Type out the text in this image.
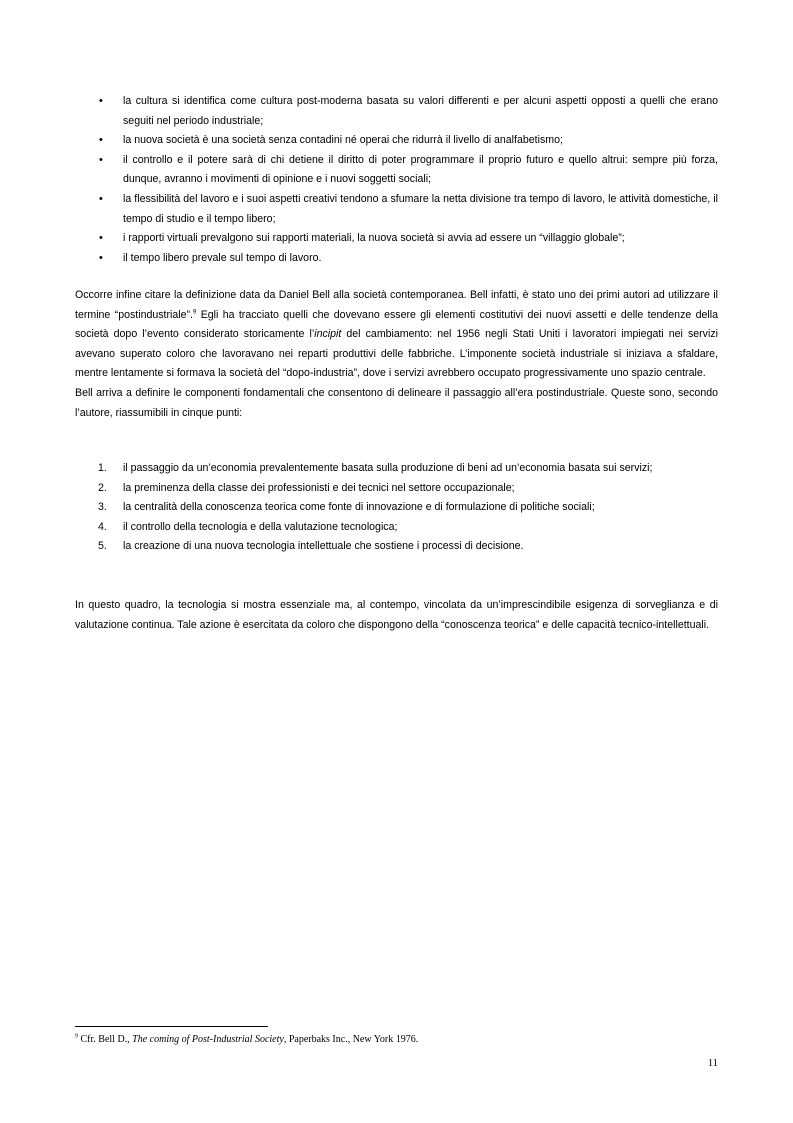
• la cultura si identifica come cultura post-moderna basata su valori differenti e per alcuni aspetti opposti a quelli che erano seguiti nel periodo industriale;
• la nuova società è una società senza contadini né operai che ridurrà il livello di analfabetismo;
• il controllo e il potere sarà di chi detiene il diritto di poter programmare il proprio futuro e quello altrui: sempre più forza, dunque, avranno i movimenti di opinione e i nuovi soggetti sociali;
• la flessibilità del lavoro e i suoi aspetti creativi tendono a sfumare la netta divisione tra tempo di lavoro, le attività domestiche, il tempo di studio e il tempo libero;
• i rapporti virtuali prevalgono sui rapporti materiali, la nuova società si avvia ad essere un “villaggio globale”;
• il tempo libero prevale sul tempo di lavoro.
Occorre infine citare la definizione data da Daniel Bell alla società contemporanea. Bell infatti, è stato uno dei primi autori ad utilizzare il termine “postindustriale”.$^9$ Egli ha tracciato quelli che dovevano essere gli elementi costitutivi dei nuovi assetti e delle tendenze della società dopo l’evento considerato storicamente l’incipit del cambiamento: nel 1956 negli Stati Uniti i lavoratori impiegati nei servizi avevano superato coloro che lavoravano nei reparti produttivi delle fabbriche. L’imponente società industriale si iniziava a sfaldare, mentre lentamente si formava la società del “dopo-industria”, dove i servizi avrebbero occupato progressivamente uno spazio centrale.
Bell arriva a definire le componenti fondamentali che consentono di delineare il passaggio all’era postindustriale. Queste sono, secondo l’autore, riassumibili in cinque punti:
1. il passaggio da un’economia prevalentemente basata sulla produzione di beni ad un’economia basata sui servizi;
2. la preminenza della classe dei professionisti e dei tecnici nel settore occupazionale;
3. la centralità della conoscenza teorica come fonte di innovazione e di formulazione di politiche sociali;
4. il controllo della tecnologia e della valutazione tecnologica;
5. la creazione di una nuova tecnologia intellettuale che sostiene i processi di decisione.
In questo quadro, la tecnologia si mostra essenziale ma, al contempo, vincolata da un’imprescindibile esigenza di sorveglianza e di valutazione continua. Tale azione è esercitata da coloro che dispongono della “conoscenza teorica” e delle capacità tecnico-intellettuali.
$^9$ Cfr. Bell D., The coming of Post-Industrial Society, Paperbaks Inc., New York 1976.
11
